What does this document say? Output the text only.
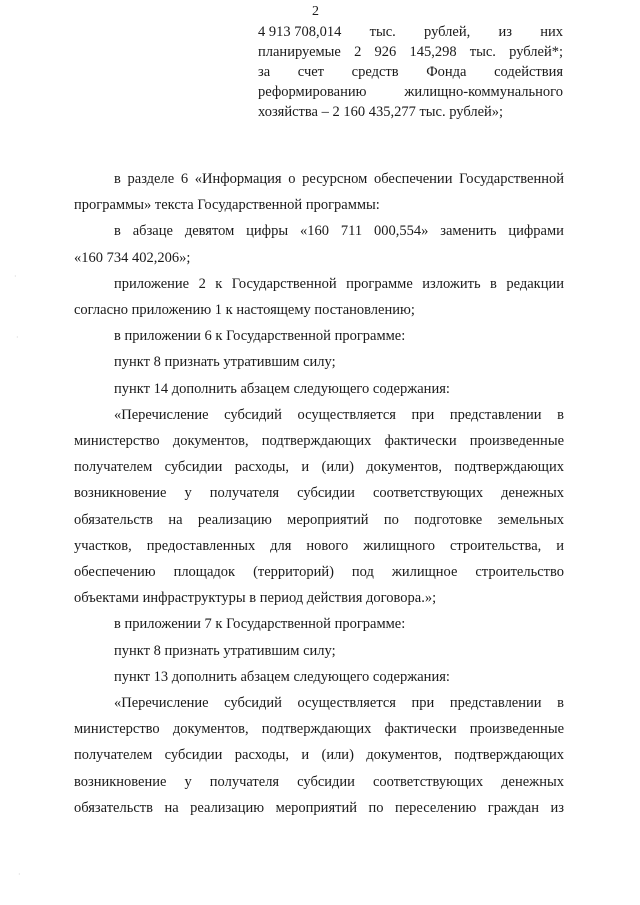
2
4 913 708,014 тыс. рублей, из них
планируемые 2 926 145,298 тыс. рублей*;
за счет средств Фонда содействия
реформированию	жилищно-коммунального
хозяйства – 2 160 435,277 тыс. рублей»;
в разделе 6 «Информация о ресурсном обеспечении Государственной
программы» текста Государственной программы:
в абзаце девятом цифры «160 711 000,554» заменить цифрами
«160 734 402,206»;
приложение 2 к Государственной программе изложить в редакции
согласно приложению 1 к настоящему постановлению;
в приложении 6 к Государственной программе:
пункт 8 признать утратившим силу;
пункт 14 дополнить абзацем следующего содержания:
«Перечисление субсидий осуществляется при представлении в
министерство документов, подтверждающих фактически произведенные
получателем субсидии расходы, и (или) документов, подтверждающих
возникновение у получателя субсидии соответствующих денежных
обязательств на реализацию мероприятий по подготовке земельных
участков, предоставленных для нового жилищного строительства, и
обеспечению площадок (территорий) под жилищное строительство
объектами инфраструктуры в период действия договора.»;
в приложении 7 к Государственной программе:
пункт 8 признать утратившим силу;
пункт 13 дополнить абзацем следующего содержания:
«Перечисление субсидий осуществляется при представлении в
министерство документов, подтверждающих фактически произведенные
получателем субсидии расходы, и (или) документов, подтверждающих
возникновение у получателя субсидии соответствующих денежных
обязательств на реализацию мероприятий по переселению граждан из
·
·
·
